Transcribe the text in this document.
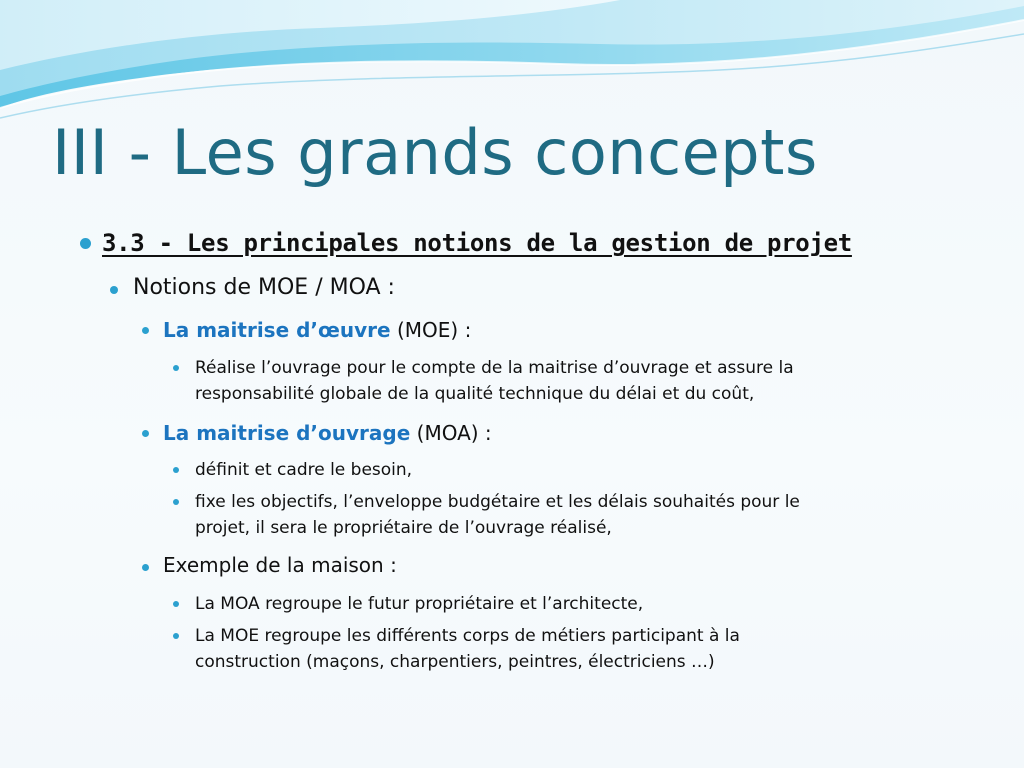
III - Les grands concepts
3.3 - Les principales notions de la gestion de projet
Notions de MOE / MOA :
La maitrise d’œuvre (MOE) :
Réalise l’ouvrage pour le compte de la maitrise d’ouvrage et assure la
responsabilité globale de la qualité technique du délai et du coût,
La maitrise d’ouvrage (MOA) :
définit et cadre le besoin,
fixe les objectifs, l’enveloppe budgétaire et les délais souhaités pour le
projet, il sera le propriétaire de l’ouvrage réalisé,
Exemple de la maison :
La MOA regroupe le futur propriétaire et l’architecte,
La MOE regroupe les différents corps de métiers participant à la
construction (maçons, charpentiers, peintres, électriciens …)
